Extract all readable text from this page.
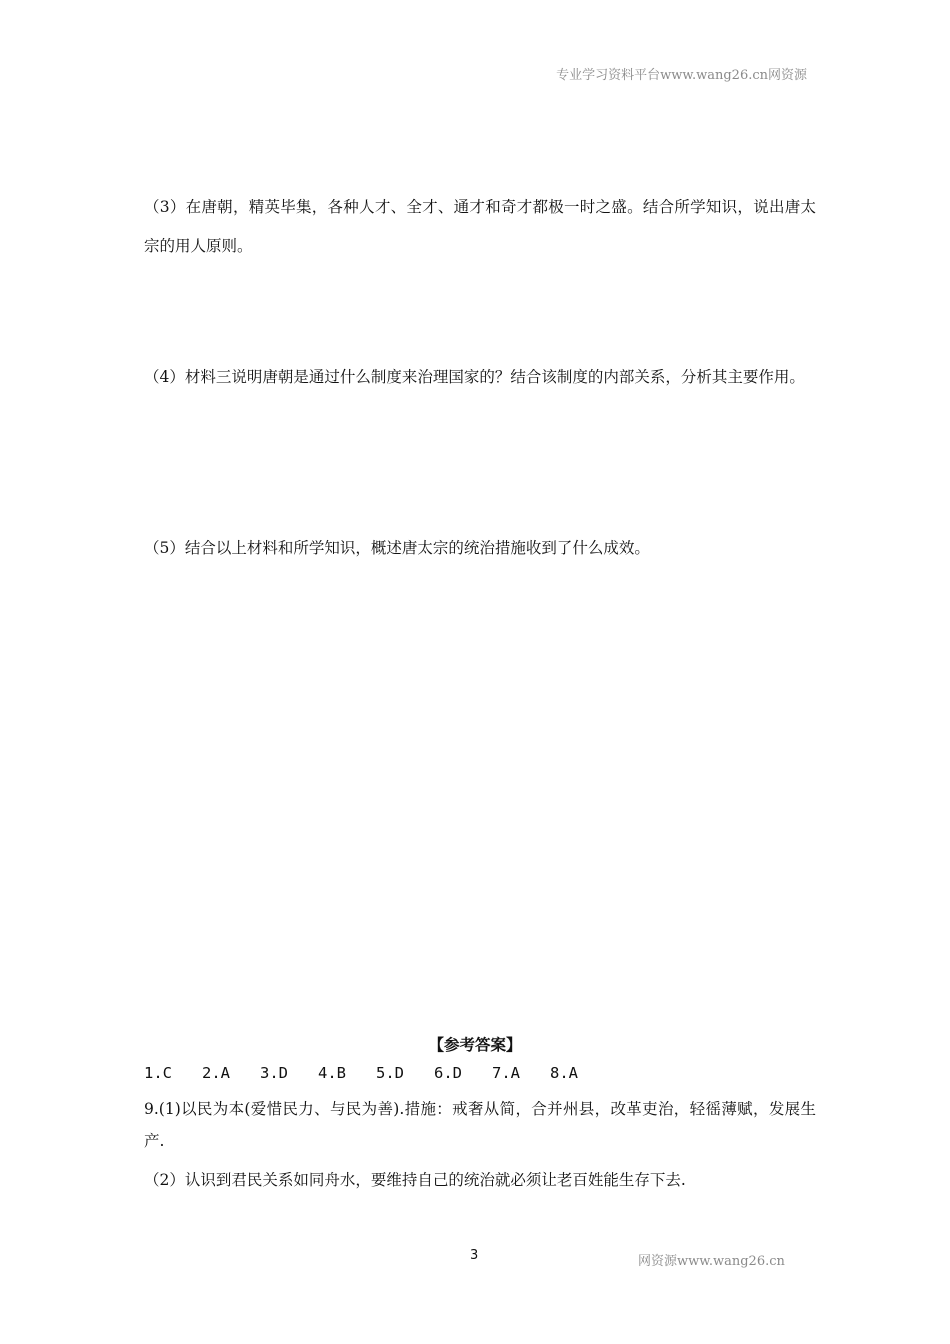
专业学习资料平台www.wang26.cn网资源
（3）在唐朝，精英毕集，各种人才、全才、通才和奇才都极一时之盛。结合所学知识，说出唐太宗的用人原则。
（4）材料三说明唐朝是通过什么制度来治理国家的？结合该制度的内部关系，分析其主要作用。
（5）结合以上材料和所学知识，概述唐太宗的统治措施收到了什么成效。
【参考答案】
1.C 2.A 3.D 4.B 5.D 6.D 7.A 8.A
9.(1)以民为本(爱惜民力、与民为善).措施：戒奢从简，合并州县，改革吏治，轻徭薄赋，发展生产.
（2）认识到君民关系如同舟水，要维持自己的统治就必须让老百姓能生存下去.
3	网资源www.wang26.cn
